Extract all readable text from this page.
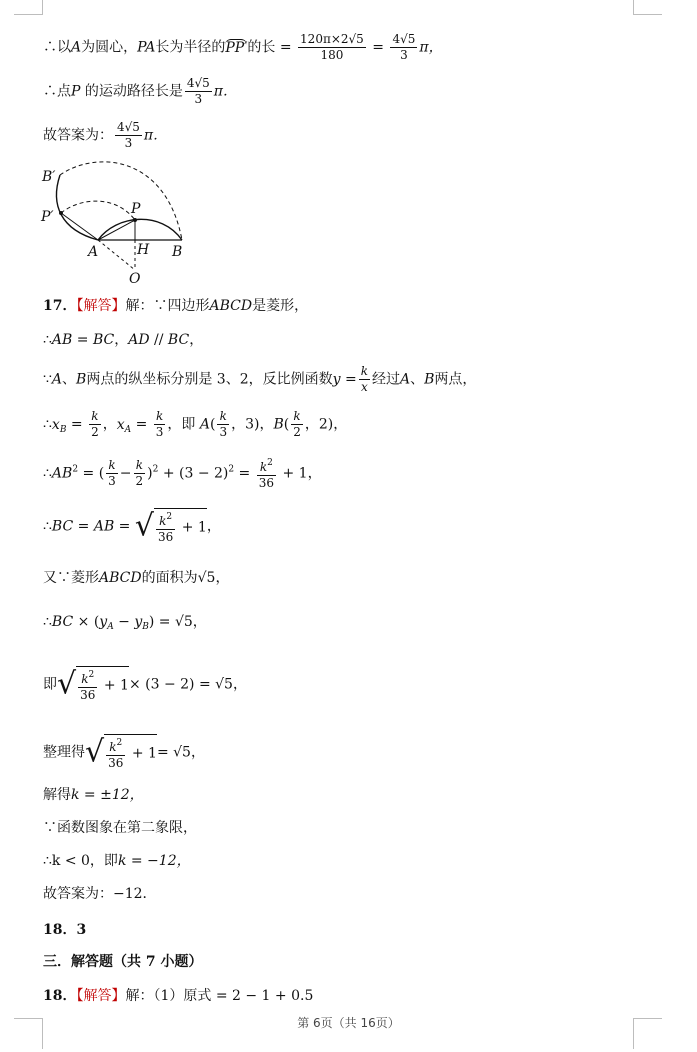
∴以A为圆心，PA长为半径的PP′的长 = $\frac{120\pi\times 2√5}{180} = \frac{4√5}{3}$ π，
∴点P 的运动路径长是 $\frac{4√5}{3}$ π．
故答案为： $\frac{4√5}{3}$ π．
B′
P′	P
A	H B
O
17．【解答】解：∵四边形ABCD是菱形，
∴AB = BC，AD // BC，
∵A、B两点的纵坐标分别是 3、2，反比例函数$y = \frac{k}{x}$ 经过A、B两点，
$\therefore x_B = \frac{k}{2}$ ，$x_A = \frac{k}{3}$ ，即 $A( \frac{k}{3}$ ，3)，$B( \frac{k}{2}$ ，2)，
$\therefore AB^2$ = ( $\frac{k}{3} - \frac{k}{2} )^2 + (3 - 2)^2 = \frac{k^2}{36} + 1$，
∴BC = AB = √ $\frac{k^2}{36} + 1$，
又∵菱形ABCD的面积为√5，
∴BC × $(y_A - y_B) = √5$，
即√ $\frac{k^2}{36} + 1\times (3 - 2) = √5$，
整理得√ $\frac{k^2}{36} + 1= √5$，
解得k = ±12，
∵函数图象在第二象限，
∴k < 0，即k = −12，
故答案为：−12．
18．3
三．解答题（共 7 小题）
18．【解答】解：（1）原式 = 2 − 1 + 0.5
第 6页（共 16页）
